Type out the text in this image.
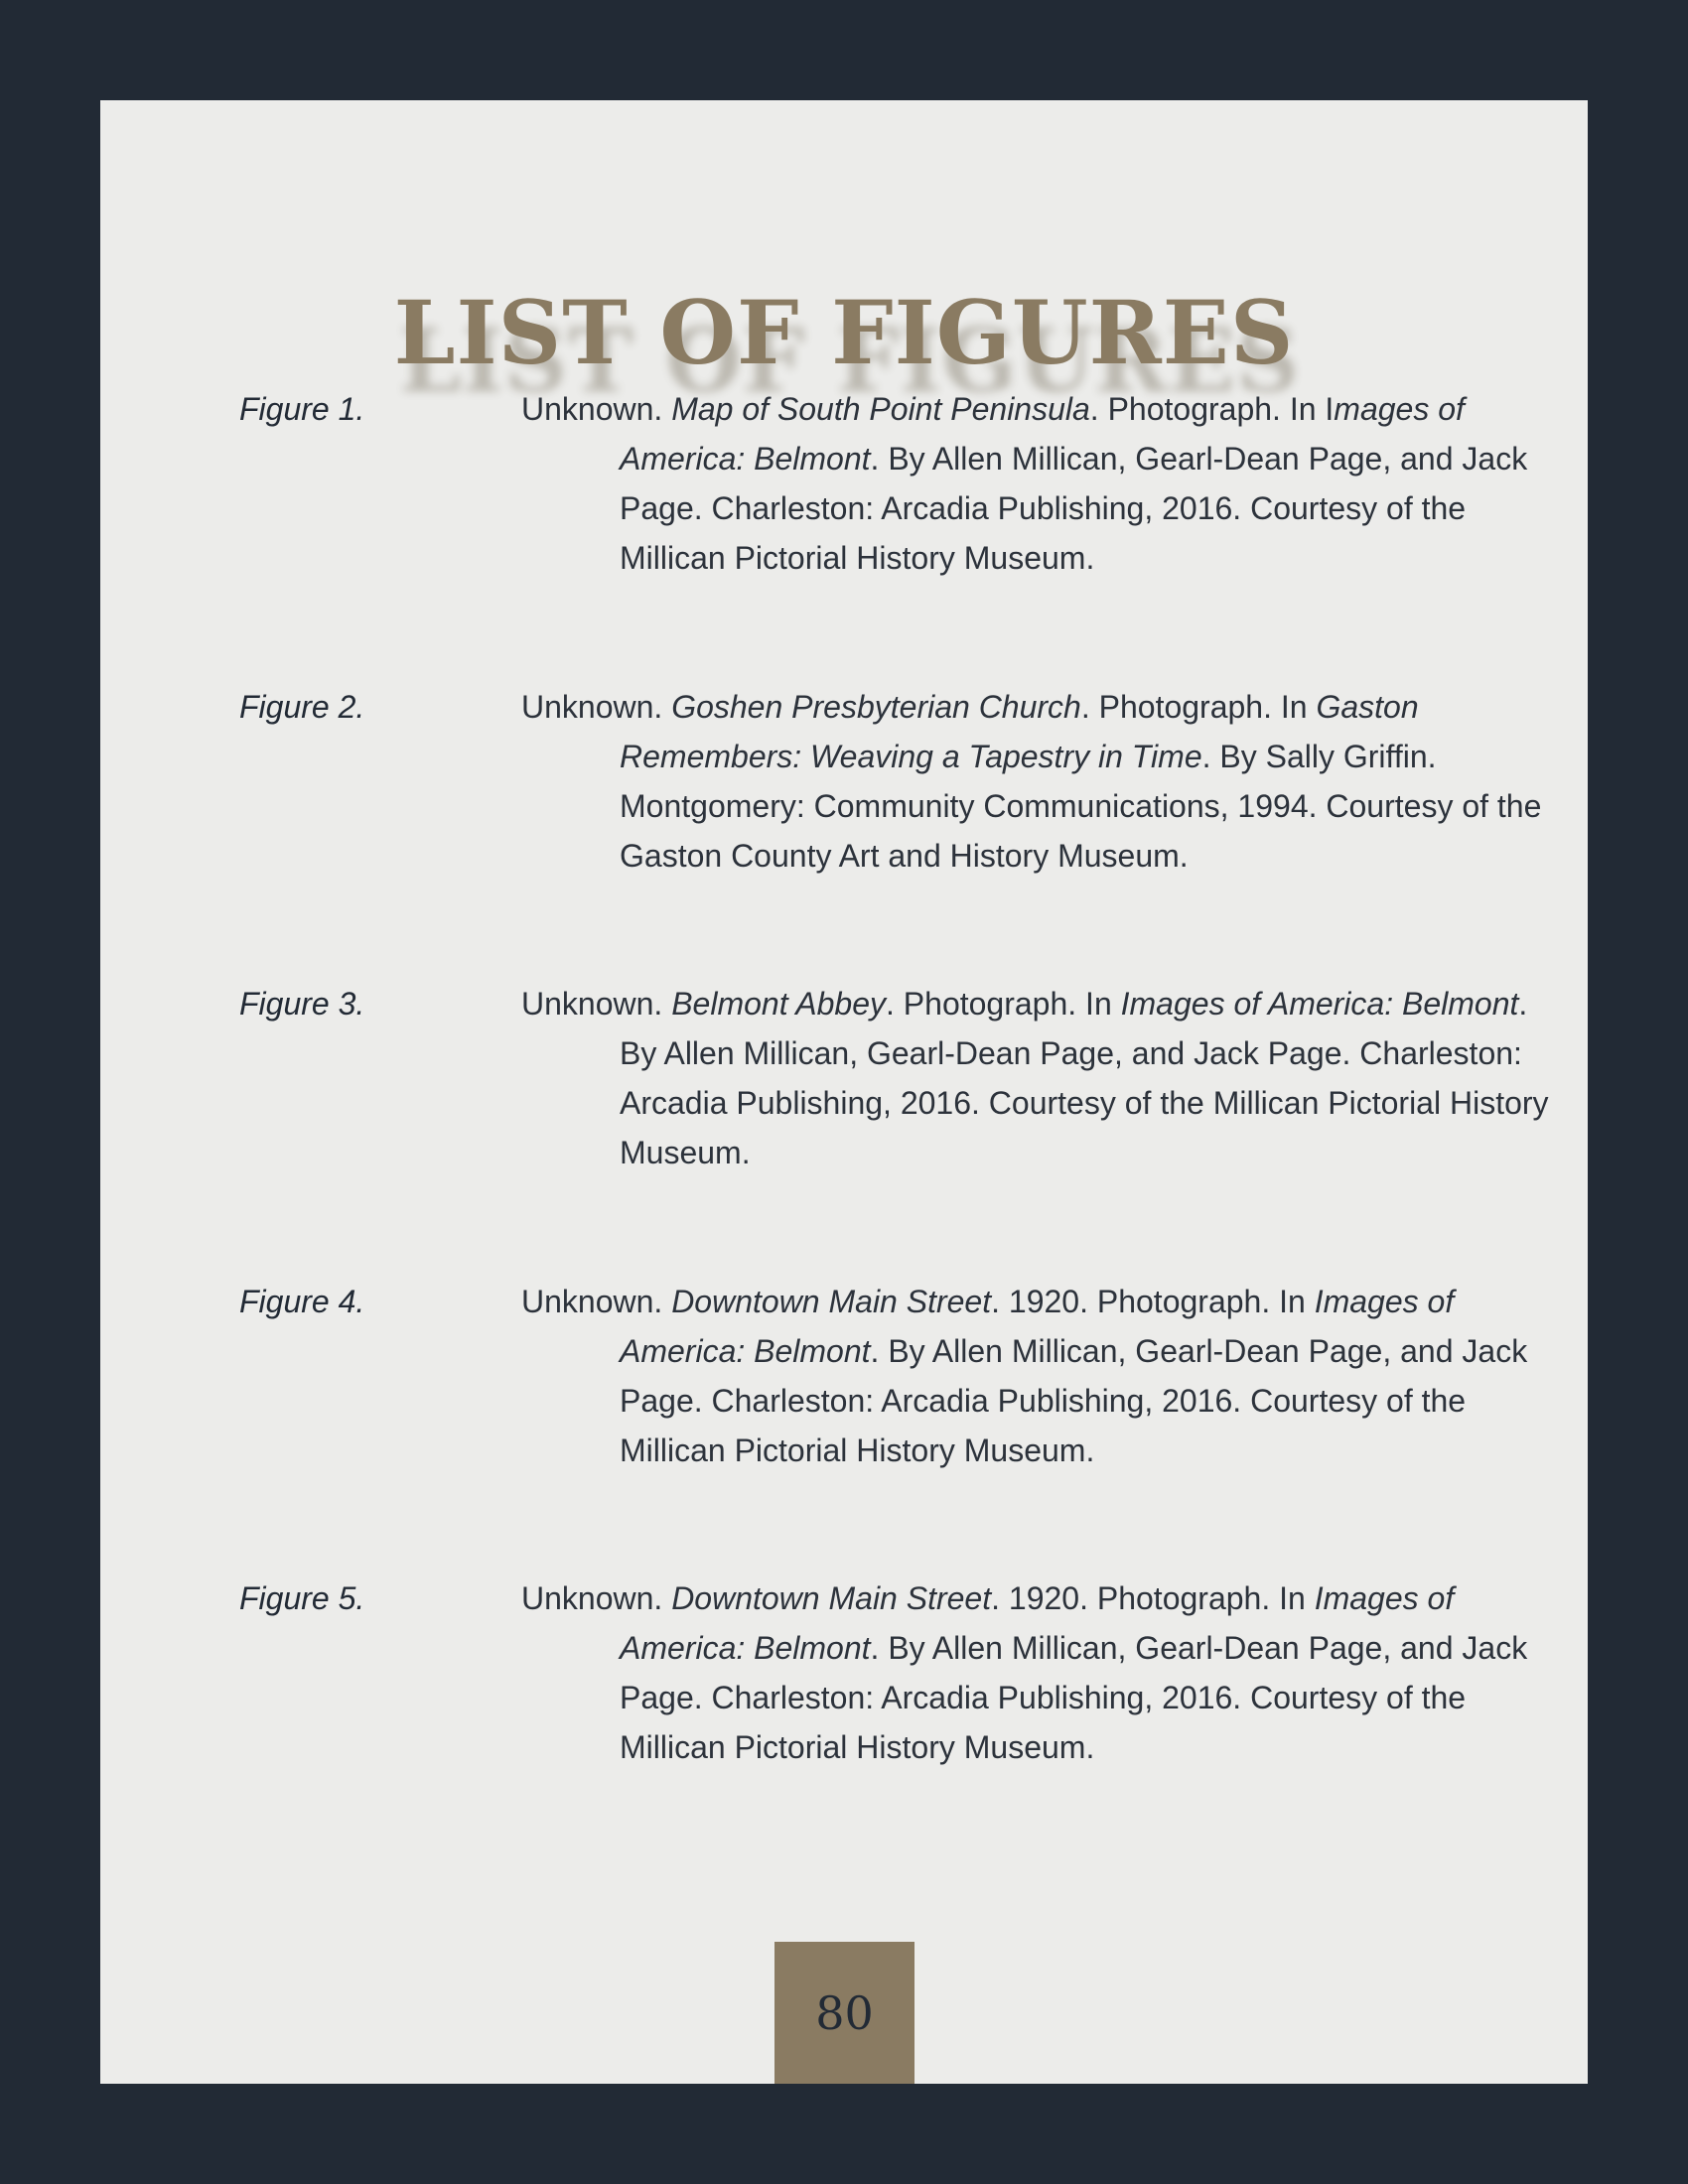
LIST OF FIGURES
Figure 1.	Unknown. Map of South Point Peninsula. Photograph. In Images of America: Belmont. By Allen Millican, Gearl-Dean Page, and Jack Page. Charleston: Arcadia Publishing, 2016. Courtesy of the Millican Pictorial History Museum.

Figure 2.	Unknown. Goshen Presbyterian Church. Photograph. In Gaston Remembers: Weaving a Tapestry in Time. By Sally Griffin. Montgomery: Community Communications, 1994. Courtesy of the Gaston County Art and History Museum.

Figure 3.	Unknown. Belmont Abbey. Photograph. In Images of America: Belmont. By Allen Millican, Gearl-Dean Page, and Jack Page. Charleston: Arcadia Publishing, 2016. Courtesy of the Millican Pictorial History Museum.

Figure 4.	Unknown. Downtown Main Street. 1920. Photograph. In Images of America: Belmont. By Allen Millican, Gearl-Dean Page, and Jack Page. Charleston: Arcadia Publishing, 2016. Courtesy of the Millican Pictorial History Museum.

Figure 5.	Unknown. Downtown Main Street. 1920. Photograph. In Images of America: Belmont. By Allen Millican, Gearl-Dean Page, and Jack Page. Charleston: Arcadia Publishing, 2016. Courtesy of the Millican Pictorial History Museum.

80
